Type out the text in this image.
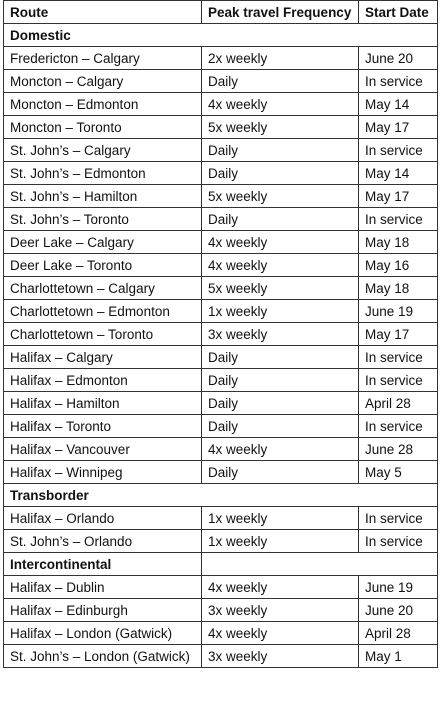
Route	Peak travel Frequency	Start Date
Domestic		
Fredericton – Calgary	2x weekly	June 20
Moncton – Calgary	Daily	In service
Moncton – Edmonton	4x weekly	May 14
Moncton – Toronto	5x weekly	May 17
St. John’s – Calgary	Daily	In service
St. John’s – Edmonton	Daily	May 14
St. John’s – Hamilton	5x weekly	May 17
St. John’s – Toronto	Daily	In service
Deer Lake – Calgary	4x weekly	May 18
Deer Lake – Toronto	4x weekly	May 16
Charlottetown – Calgary	5x weekly	May 18
Charlottetown – Edmonton	1x weekly	June 19
Charlottetown – Toronto	3x weekly	May 17
Halifax – Calgary	Daily	In service
Halifax – Edmonton	Daily	In service
Halifax – Hamilton	Daily	April 28
Halifax – Toronto	Daily	In service
Halifax – Vancouver	4x weekly	June 28
Halifax – Winnipeg	Daily	May 5
Transborder		
Halifax – Orlando	1x weekly	In service
St. John’s – Orlando	1x weekly	In service
Intercontinental		
Halifax – Dublin	4x weekly	June 19
Halifax – Edinburgh	3x weekly	June 20
Halifax – London (Gatwick)	4x weekly	April 28
St. John’s – London (Gatwick)	3x weekly	May 1
